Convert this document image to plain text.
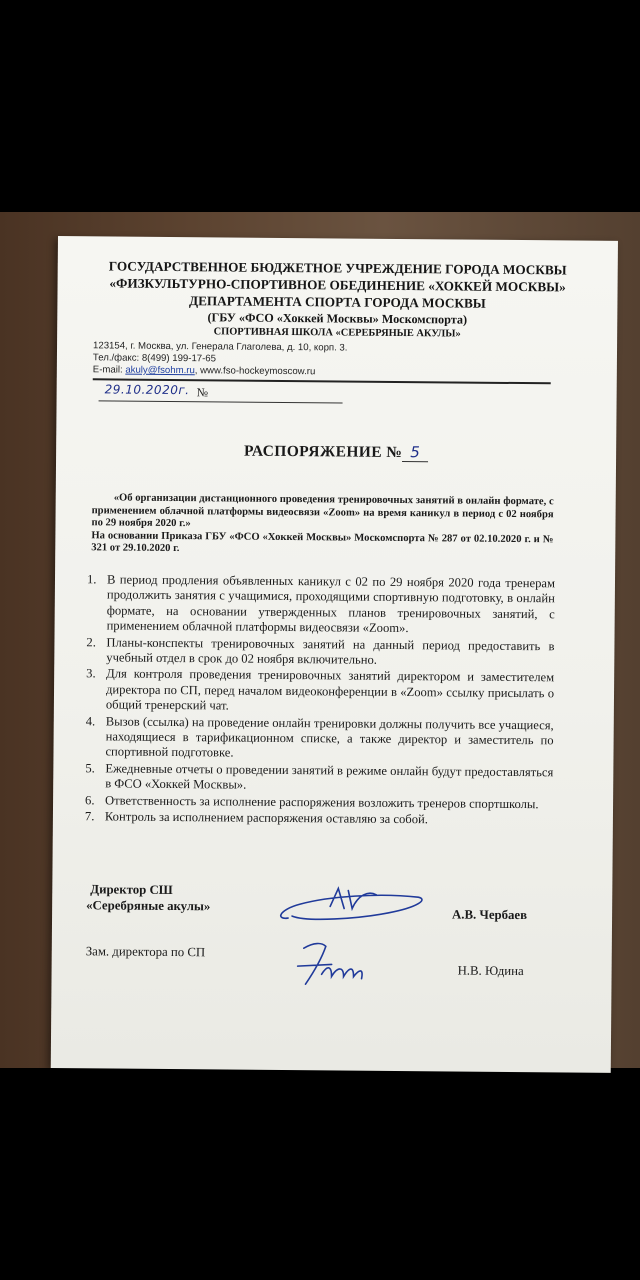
ГОСУДАРСТВЕННОЕ БЮДЖЕТНОЕ УЧРЕЖДЕНИЕ ГОРОДА МОСКВЫ
«ФИЗКУЛЬТУРНО-СПОРТИВНОЕ ОБЕДИНЕНИЕ «ХОККЕЙ МОСКВЫ»
ДЕПАРТАМЕНТА СПОРТА ГОРОДА МОСКВЫ
(ГБУ «ФСО «Хоккей Москвы» Москомспорта)
СПОРТИВНАЯ ШКОЛА «СЕРЕБРЯНЫЕ АКУЛЫ»
123154, г. Москва, ул. Генерала Глаголева, д. 10, корп. 3.
Тел./факс: 8(499) 199-17-65
E-mail: akuly@fsohm.ru, www.fso-hockeymoscow.ru
29.10.2020г. №
РАСПОРЯЖЕНИЕ № 5

«Об организации дистанционного проведения тренировочных занятий в онлайн формате, с применением облачной платформы видеосвязи «Zoom» на время каникул в период с 02 ноября по 29 ноября 2020 г.»

На основании Приказа ГБУ «ФСО «Хоккей Москвы» Москомспорта № 287 от 02.10.2020 г. и № 321 от 29.10.2020 г.

1. В период продления объявленных каникул с 02 по 29 ноября 2020 года тренерам продолжить занятия с учащимися, проходящими спортивную подготовку, в онлайн формате, на основании утвержденных планов тренировочных занятий, с применением облачной платформы видеосвязи «Zoom».
2. Планы-конспекты тренировочных занятий на данный период предоставить в учебный отдел в срок до 02 ноября включительно.
3. Для контроля проведения тренировочных занятий директором и заместителем директора по СП, перед началом видеоконференции в «Zoom» ссылку присылать о общий тренерский чат.
4. Вызов (ссылка) на проведение онлайн тренировки должны получить все учащиеся, находящиеся в тарификационном списке, а также директор и заместитель по спортивной подготовке.
5. Ежедневные отчеты о проведении занятий в режиме онлайн будут предоставляться в ФСО «Хоккей Москвы».
6. Ответственность за исполнение распоряжения возложить тренеров спортшколы.
7. Контроль за исполнением распоряжения оставляю за собой.
Директор СШ
«Серебряные акулы»
А.В. Чербаев
Зам. директора по СП
Н.В. Юдина
